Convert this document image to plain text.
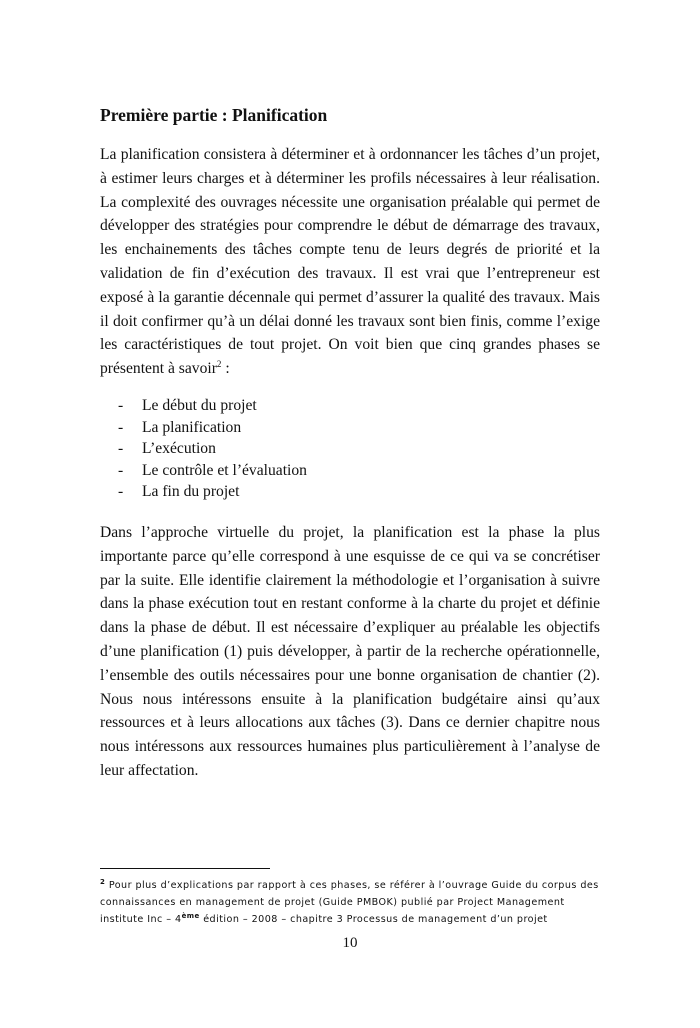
Première partie : Planification

La planification consistera à déterminer et à ordonnancer les tâches d’un projet, à estimer leurs charges et à déterminer les profils nécessaires à leur réalisation. La complexité des ouvrages nécessite une organisation préalable qui permet de développer des stratégies pour comprendre le début de démarrage des travaux, les enchainements des tâches compte tenu de leurs degrés de priorité et la validation de fin d’exécution des travaux. Il est vrai que l’entrepreneur est exposé à la garantie décennale qui permet d’assurer la qualité des travaux. Mais il doit confirmer qu’à un délai donné les travaux sont bien finis, comme l’exige les caractéristiques de tout projet. On voit bien que cinq grandes phases se présentent à savoir$^2$ :

-	Le début du projet
-	La planification
-	L’exécution
-	Le contrôle et l’évaluation
-	La fin du projet

Dans l’approche virtuelle du projet, la planification est la phase la plus importante parce qu’elle correspond à une esquisse de ce qui va se concrétiser par la suite. Elle identifie clairement la méthodologie et l’organisation à suivre dans la phase exécution tout en restant conforme à la charte du projet et définie dans la phase de début. Il est nécessaire d’expliquer au préalable les objectifs d’une planification (1) puis développer, à partir de la recherche opérationnelle, l’ensemble des outils nécessaires pour une bonne organisation de chantier (2). Nous nous intéressons ensuite à la planification budgétaire ainsi qu’aux ressources et à leurs allocations aux tâches (3). Dans ce dernier chapitre nous nous intéressons aux ressources humaines plus particulièrement à l’analyse de leur affectation.

$^2$ Pour plus d’explications par rapport à ces phases, se référer à l’ouvrage Guide du corpus des connaissances en management de projet (Guide PMBOK) publié par Project Management institute Inc – 4ème édition – 2008 – chapitre 3 Processus de management d’un projet
10
